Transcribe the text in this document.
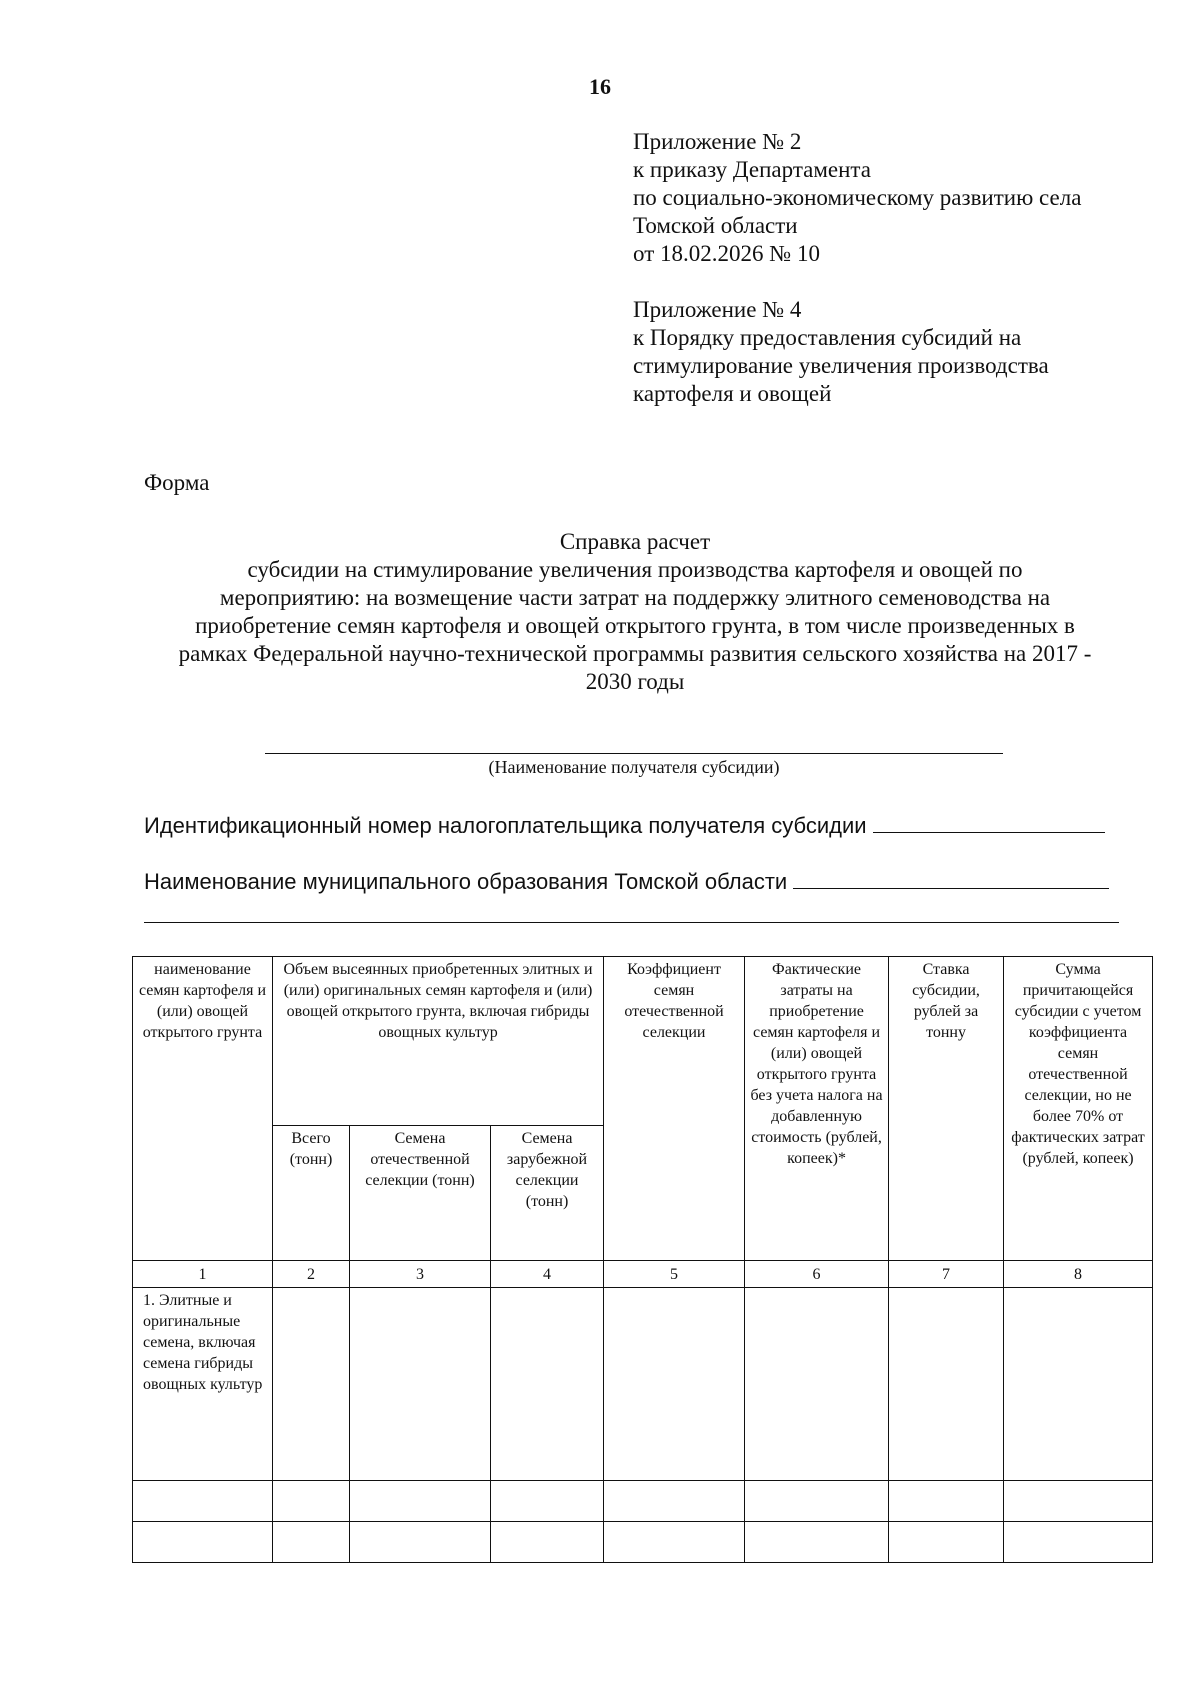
16
Приложение № 2
к приказу Департамента
по социально-экономическому развитию села
Томской области
от 18.02.2026 № 10
Приложение № 4
к Порядку предоставления субсидий на
стимулирование увеличения производства
картофеля и овощей
Форма
Справка расчет
субсидии на стимулирование увеличения производства картофеля и овощей по
мероприятию: на возмещение части затрат на поддержку элитного семеноводства на
приобретение семян картофеля и овощей открытого грунта, в том числе произведенных в
рамках Федеральной научно-технической программы развития сельского хозяйства на 2017 -
2030 годы
(Наименование получателя субсидии)
Идентификационный номер налогоплательщика получателя субсидии
Наименование муниципального образования Томской области
наименование семян картофеля и (или) овощей открытого грунта	Объем высеянных приобретенных элитных и (или) оригинальных семян картофеля и (или) овощей открытого грунта, включая гибриды овощных культур			Коэффициент семян отечественной селекции	Фактические затраты на приобретение семян картофеля и (или) овощей открытого грунта без учета налога на добавленную стоимость (рублей, копеек)*	Ставка субсидии, рублей за тонну	Сумма причитающейся субсидии с учетом коэффициента семян отечественной селекции, но не более 70% от фактических затрат (рублей, копеек)
	Всего (тонн)	Семена отечественной селекции (тонн)	Семена зарубежной селекции (тонн)				
1	2	3	4	5	6	7	8
1. Элитные и оригинальные семена, включая семена гибриды овощных культур							
